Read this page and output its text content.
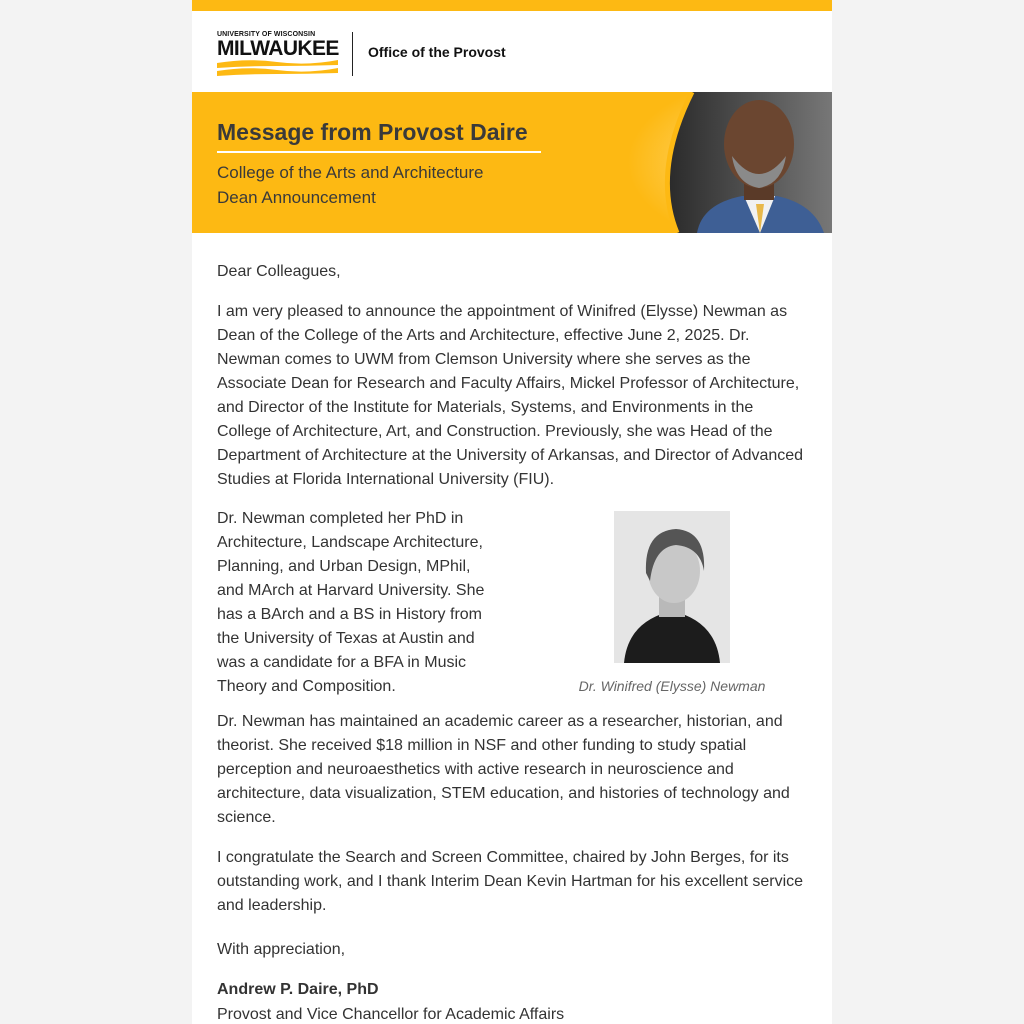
UNIVERSITY OF WISCONSIN
MILWAUKEE Office of the Provost
Message from Provost Daire
College of the Arts and Architecture
Dean Announcement

Dear Colleagues,

I am very pleased to announce the appointment of Winifred (Elysse) Newman as Dean of the College of the Arts and Architecture, effective June 2, 2025. Dr. Newman comes to UWM from Clemson University where she serves as the Associate Dean for Research and Faculty Affairs, Mickel Professor of Architecture, and Director of the Institute for Materials, Systems, and Environments in the College of Architecture, Art, and Construction. Previously, she was Head of the Department of Architecture at the University of Arkansas, and Director of Advanced Studies at Florida International University (FIU).

Dr. Newman completed her PhD in Architecture, Landscape Architecture, Planning, and Urban Design, MPhil, and MArch at Harvard University. She has a BArch and a BS in History from the University of Texas at Austin and was a candidate for a BFA in Music Theory and Composition.	Dr. Winifred (Elysse) Newman

Dr. Newman has maintained an academic career as a researcher, historian, and theorist. She received $18 million in NSF and other funding to study spatial perception and neuroaesthetics with active research in neuroscience and architecture, data visualization, STEM education, and histories of technology and science.

I congratulate the Search and Screen Committee, chaired by John Berges, for its outstanding work, and I thank Interim Dean Kevin Hartman for his excellent service and leadership.

With appreciation,

Andrew P. Daire, PhD
Provost and Vice Chancellor for Academic Affairs
